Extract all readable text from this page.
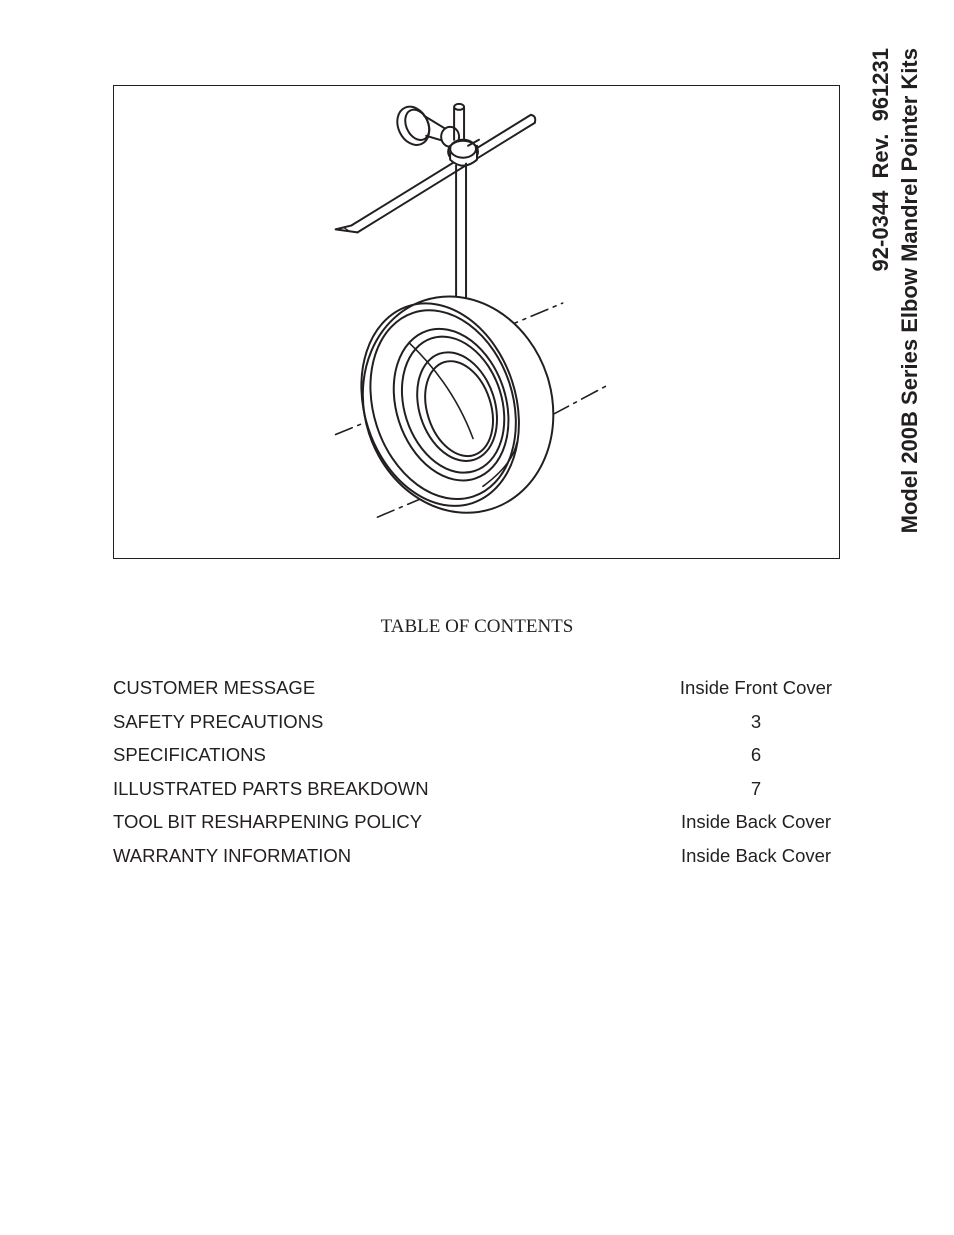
92-0344  Rev.  961231 Model 200B Series Elbow Mandrel Pointer Kits
TABLE OF CONTENTS
CUSTOMER MESSAGE	Inside Front Cover
SAFETY PRECAUTIONS	3
SPECIFICATIONS	6
ILLUSTRATED PARTS BREAKDOWN	7
TOOL BIT RESHARPENING POLICY	Inside Back Cover
WARRANTY INFORMATION	Inside Back Cover
